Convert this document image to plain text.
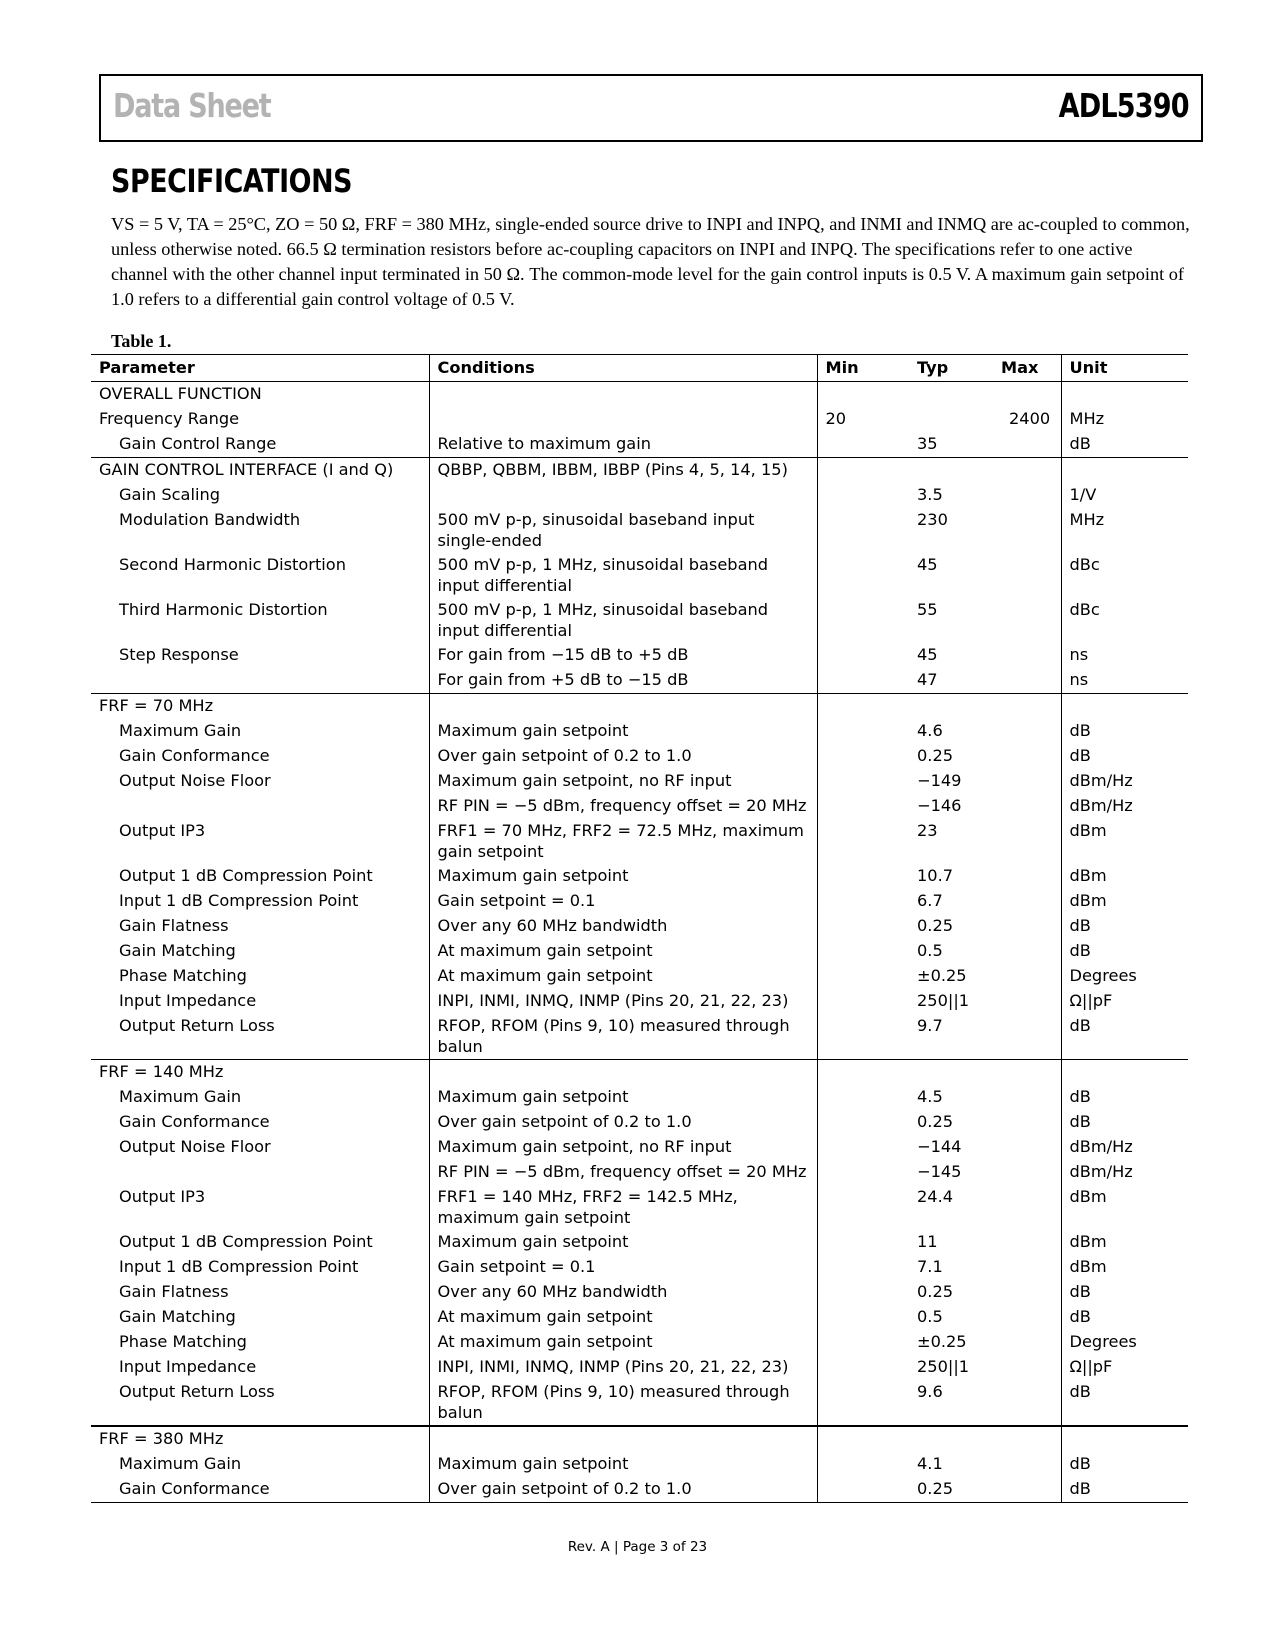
Data Sheet	ADL5390
SPECIFICATIONS

VS = 5 V, TA = 25°C, ZO = 50 Ω, FRF = 380 MHz, single-ended source drive to INPI and INPQ, and INMI and INMQ are ac-coupled to common, unless otherwise noted. 66.5 Ω termination resistors before ac-coupling capacitors on INPI and INPQ. The specifications refer to one active channel with the other channel input terminated in 50 Ω. The common-mode level for the gain control inputs is 0.5 V. A maximum gain setpoint of 1.0 refers to a differential gain control voltage of 0.5 V.

Table 1.
Parameter	Conditions	Min	Typ	Max	Unit
OVERALL FUNCTION					
Frequency Range		20		2400	MHz
Gain Control Range	Relative to maximum gain		35		dB
GAIN CONTROL INTERFACE (I and Q)	QBBP, QBBM, IBBM, IBBP (Pins 4, 5, 14, 15)				
Gain Scaling			3.5		1/V
Modulation Bandwidth	500 mV p-p, sinusoidal baseband input single-ended		230		MHz
Second Harmonic Distortion	500 mV p-p, 1 MHz, sinusoidal baseband input differential		45		dBc
Third Harmonic Distortion	500 mV p-p, 1 MHz, sinusoidal baseband input differential		55		dBc
Step Response	For gain from −15 dB to +5 dB		45		ns
	For gain from +5 dB to −15 dB		47		ns
FRF = 70 MHz					
Maximum Gain	Maximum gain setpoint		4.6		dB
Gain Conformance	Over gain setpoint of 0.2 to 1.0		0.25		dB
Output Noise Floor	Maximum gain setpoint, no RF input		−149		dBm/Hz
	RF PIN = −5 dBm, frequency offset = 20 MHz		−146		dBm/Hz
Output IP3	FRF1 = 70 MHz, FRF2 = 72.5 MHz, maximum gain setpoint		23		dBm
Output 1 dB Compression Point	Maximum gain setpoint		10.7		dBm
Input 1 dB Compression Point	Gain setpoint = 0.1		6.7		dBm
Gain Flatness	Over any 60 MHz bandwidth		0.25		dB
Gain Matching	At maximum gain setpoint		0.5		dB
Phase Matching	At maximum gain setpoint		±0.25		Degrees
Input Impedance	INPI, INMI, INMQ, INMP (Pins 20, 21, 22, 23)		250||1		Ω||pF
Output Return Loss	RFOP, RFOM (Pins 9, 10) measured through balun		9.7		dB
FRF = 140 MHz					
Maximum Gain	Maximum gain setpoint		4.5		dB
Gain Conformance	Over gain setpoint of 0.2 to 1.0		0.25		dB
Output Noise Floor	Maximum gain setpoint, no RF input		−144		dBm/Hz
	RF PIN = −5 dBm, frequency offset = 20 MHz		−145		dBm/Hz
Output IP3	FRF1 = 140 MHz, FRF2 = 142.5 MHz, maximum gain setpoint		24.4		dBm
Output 1 dB Compression Point	Maximum gain setpoint		11		dBm
Input 1 dB Compression Point	Gain setpoint = 0.1		7.1		dBm
Gain Flatness	Over any 60 MHz bandwidth		0.25		dB
Gain Matching	At maximum gain setpoint		0.5		dB
Phase Matching	At maximum gain setpoint		±0.25		Degrees
Input Impedance	INPI, INMI, INMQ, INMP (Pins 20, 21, 22, 23)		250||1		Ω||pF
Output Return Loss	RFOP, RFOM (Pins 9, 10) measured through balun		9.6		dB
FRF = 380 MHz					
Maximum Gain	Maximum gain setpoint		4.1		dB
Gain Conformance	Over gain setpoint of 0.2 to 1.0		0.25		dB
Rev. A | Page 3 of 23
